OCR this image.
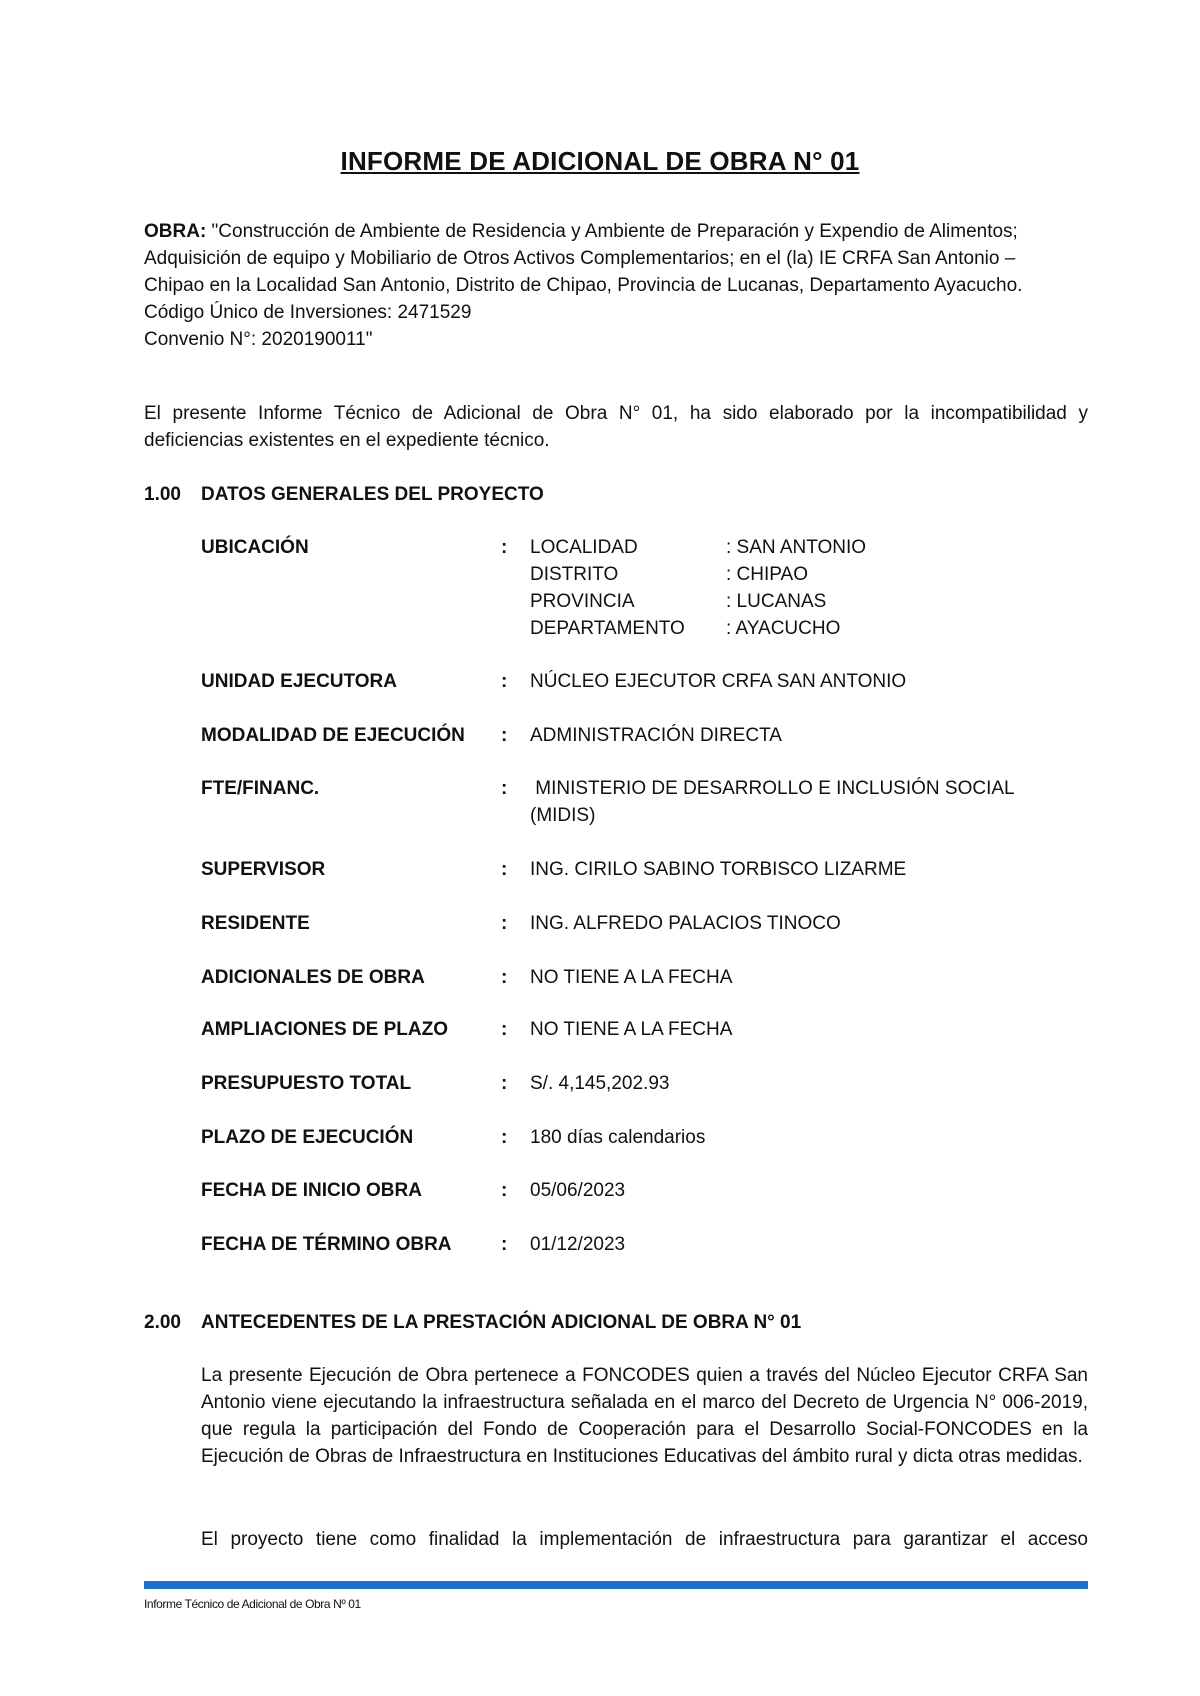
INFORME DE ADICIONAL DE OBRA N° 01
OBRA: "Construcción de Ambiente de Residencia y Ambiente de Preparación y Expendio de Alimentos;
Adquisición de equipo y Mobiliario de Otros Activos Complementarios; en el (la) IE CRFA San Antonio –
Chipao en la Localidad San Antonio, Distrito de Chipao, Provincia de Lucanas, Departamento Ayacucho.
Código Único de Inversiones: 2471529
Convenio N°: 2020190011"
El presente Informe Técnico de Adicional de Obra N° 01, ha sido elaborado por la incompatibilidad y deficiencias existentes en el expediente técnico.
1.00 DATOS GENERALES DEL PROYECTO
UBICACIÓN	: LOCALIDAD	: SAN ANTONIO
DISTRITO	: CHIPAO
PROVINCIA	: LUCANAS
DEPARTAMENTO : AYACUCHO
UNIDAD EJECUTORA	: NÚCLEO EJECUTOR CRFA SAN ANTONIO
MODALIDAD DE EJECUCIÓN : ADMINISTRACIÓN DIRECTA
FTE/FINANC.	: MINISTERIO DE DESARROLLO E INCLUSIÓN SOCIAL (MIDIS)
SUPERVISOR	: ING. CIRILO SABINO TORBISCO LIZARME
RESIDENTE	: ING. ALFREDO PALACIOS TINOCO
ADICIONALES DE OBRA	: NO TIENE A LA FECHA
AMPLIACIONES DE PLAZO	: NO TIENE A LA FECHA
PRESUPUESTO TOTAL	: S/. 4,145,202.93
PLAZO DE EJECUCIÓN	: 180 días calendarios
FECHA DE INICIO OBRA	: 05/06/2023
FECHA DE TÉRMINO OBRA	: 01/12/2023
2.00 ANTECEDENTES DE LA PRESTACIÓN ADICIONAL DE OBRA N° 01
La presente Ejecución de Obra pertenece a FONCODES quien a través del Núcleo Ejecutor CRFA San Antonio viene ejecutando la infraestructura señalada en el marco del Decreto de Urgencia N° 006-2019, que regula la participación del Fondo de Cooperación para el Desarrollo Social-FONCODES en la Ejecución de Obras de Infraestructura en Instituciones Educativas del ámbito rural y dicta otras medidas.
El proyecto tiene como finalidad la implementación de infraestructura para garantizar el acceso
Informe Técnico de Adicional de Obra Nº 01
